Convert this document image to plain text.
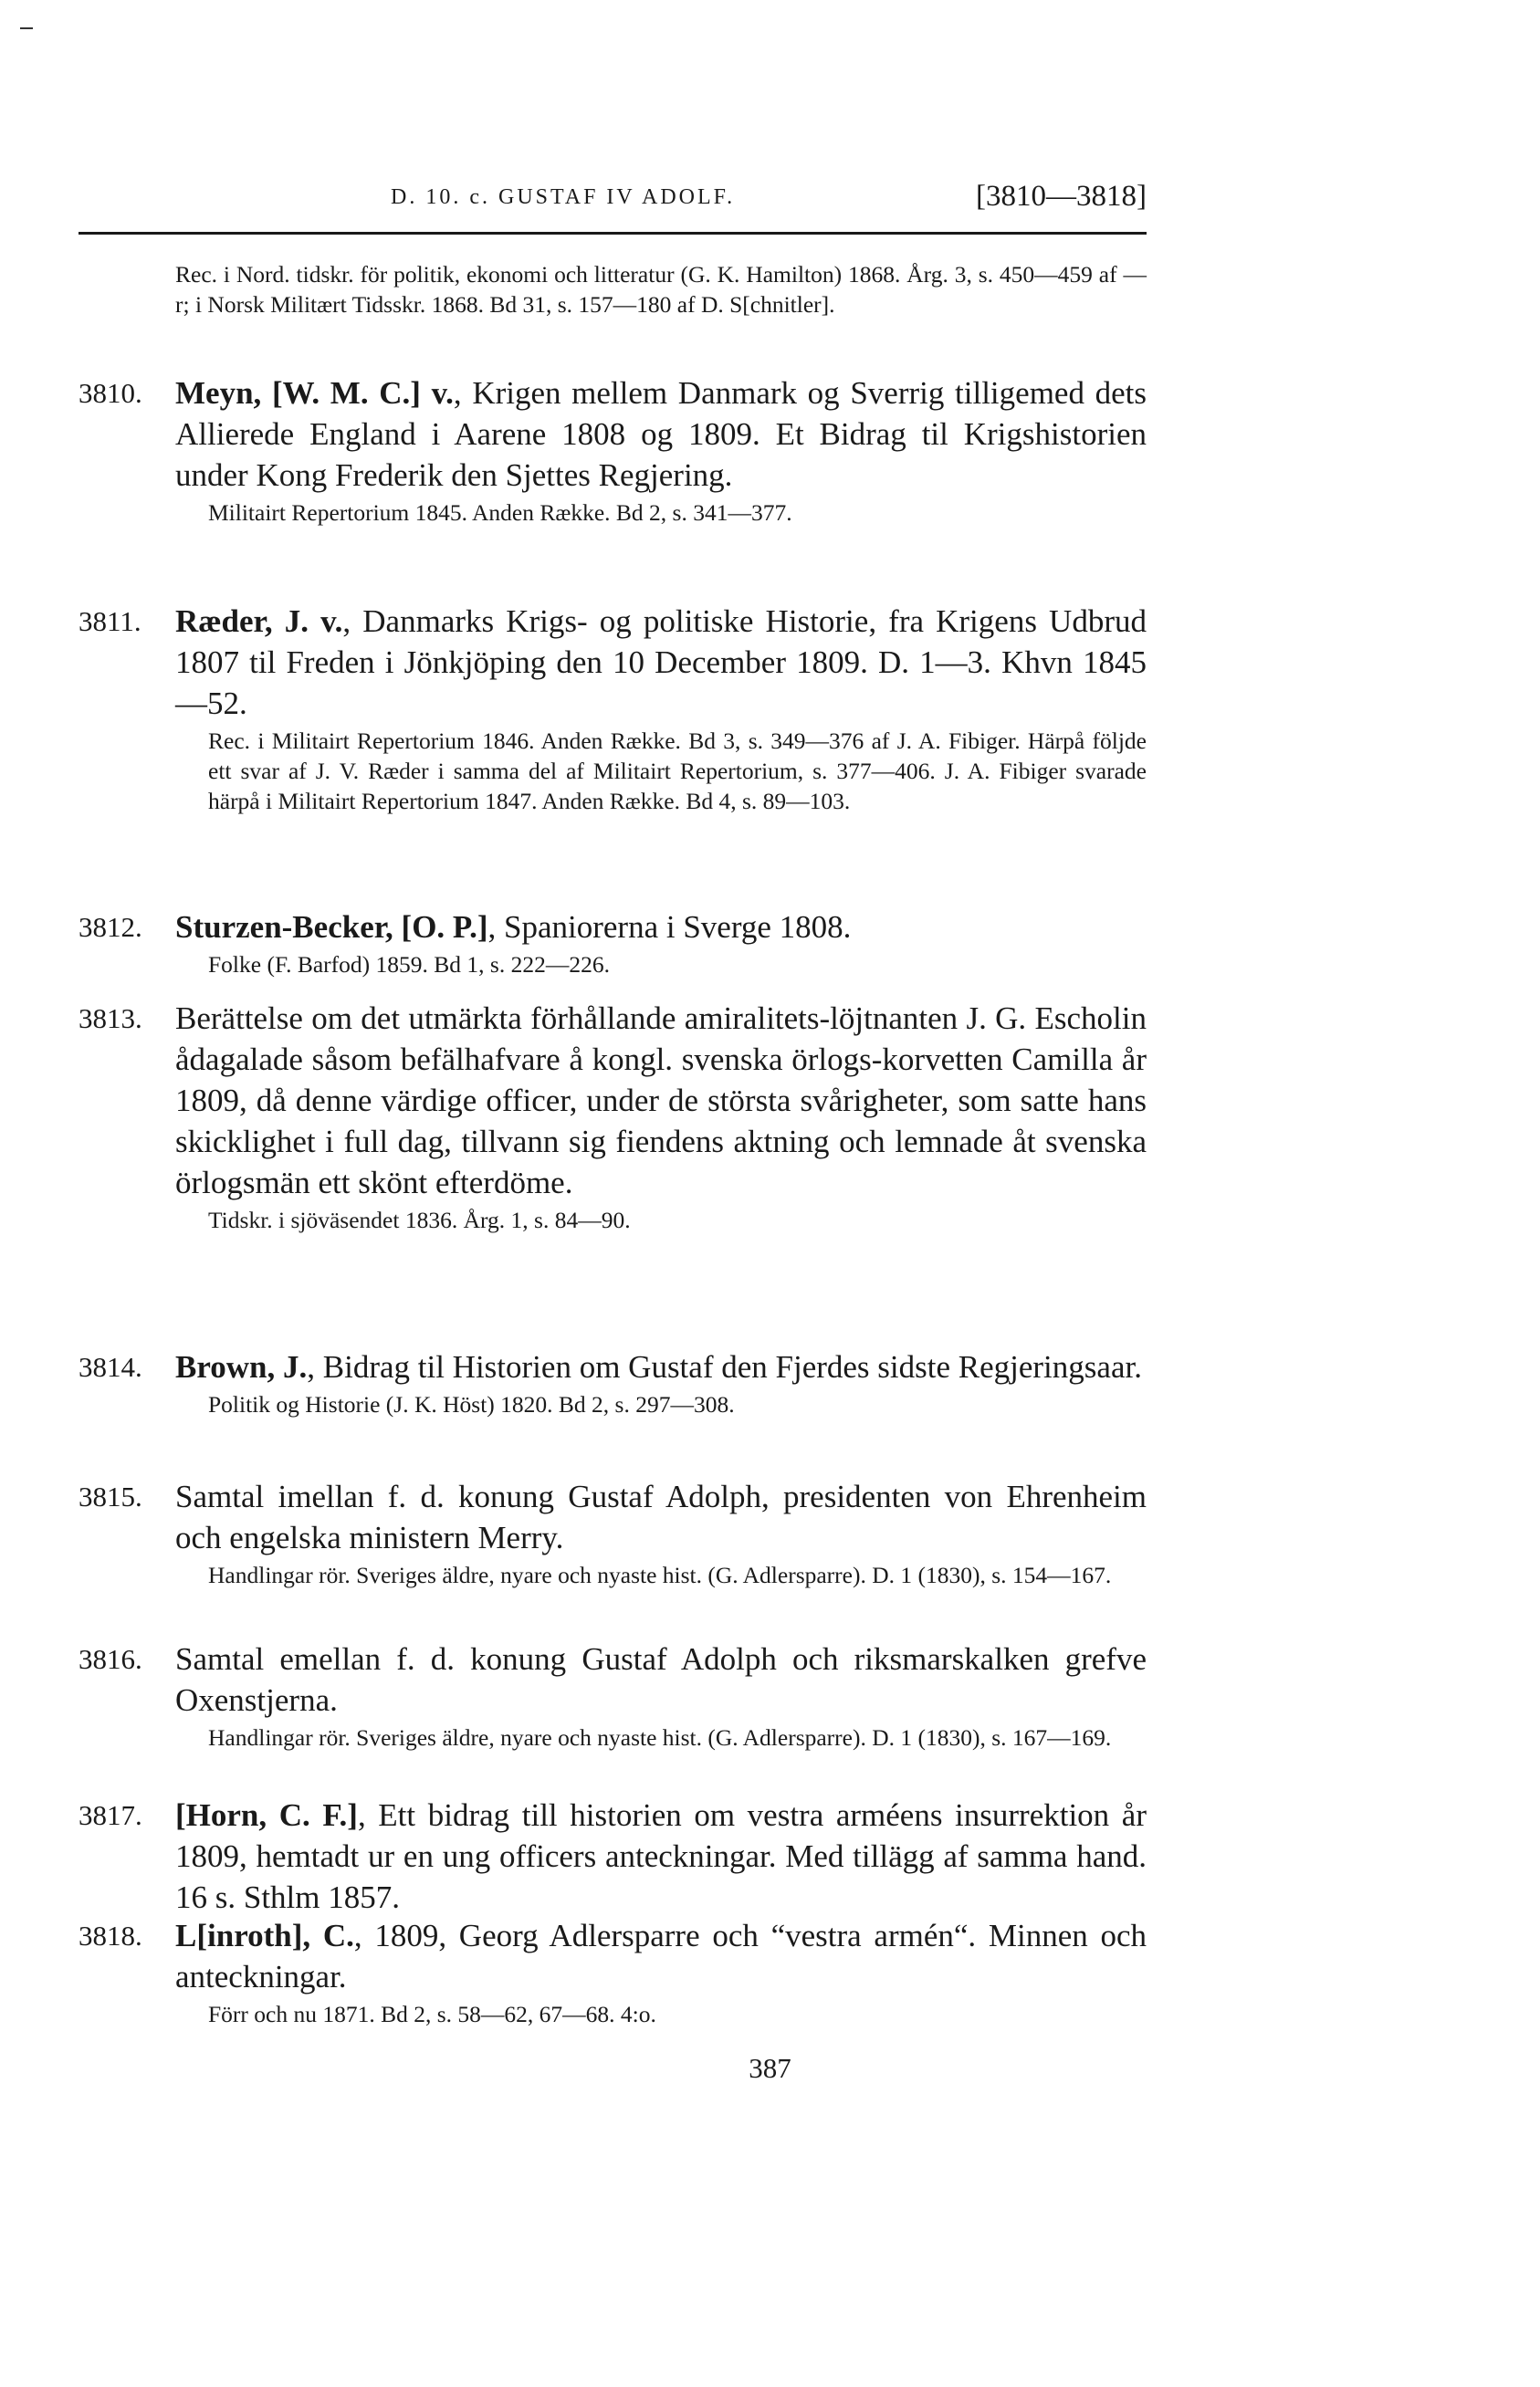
D. 10. c. GUSTAF IV ADOLF.	[3810—3818]
Rec. i Nord. tidskr. för politik, ekonomi och litteratur (G. K. Hamilton) 1868. Årg. 3, s. 450—459 af —r; i Norsk Militært Tidsskr. 1868. Bd 31, s. 157—180 af D. S[chnitler].
3810. Meyn, [W. M. C.] v., Krigen mellem Danmark og Sverrig tilligemed dets Allierede England i Aarene 1808 og 1809. Et Bidrag til Krigshistorien under Kong Frederik den Sjettes Regjering.

Militairt Repertorium 1845. Anden Række. Bd 2, s. 341—377.

3811. Ræder, J. v., Danmarks Krigs- og politiske Historie, fra Krigens Udbrud 1807 til Freden i Jönkjöping den 10 December 1809. D. 1—3. Khvn 1845—52.

Rec. i Militairt Repertorium 1846. Anden Række. Bd 3, s. 349—376 af J. A. Fibiger. Härpå följde ett svar af J. V. Ræder i samma del af Militairt Repertorium, s. 377—406. J. A. Fibiger svarade härpå i Militairt Repertorium 1847. Anden Række. Bd 4, s. 89—103.

3812. Sturzen-Becker, [O. P.], Spaniorerna i Sverge 1808.

Folke (F. Barfod) 1859. Bd 1, s. 222—226.

3813. Berättelse om det utmärkta förhållande amiralitets-löjtnanten J. G. Escholin ådagalade såsom befälhafvare å kongl. svenska örlogs-korvetten Camilla år 1809, då denne värdige officer, under de största svårigheter, som satte hans skicklighet i full dag, tillvann sig fiendens aktning och lemnade åt svenska örlogsmän ett skönt efterdöme.

Tidskr. i sjöväsendet 1836. Årg. 1, s. 84—90.

3814. Brown, J., Bidrag til Historien om Gustaf den Fjerdes sidste Regjeringsaar.

Politik og Historie (J. K. Höst) 1820. Bd 2, s. 297—308.

3815. Samtal imellan f. d. konung Gustaf Adolph, presidenten von Ehrenheim och engelska ministern Merry.

Handlingar rör. Sveriges äldre, nyare och nyaste hist. (G. Adlersparre). D. 1 (1830), s. 154—167.

3816. Samtal emellan f. d. konung Gustaf Adolph och riksmarskalken grefve Oxenstjerna.

Handlingar rör. Sveriges äldre, nyare och nyaste hist. (G. Adlersparre). D. 1 (1830), s. 167—169.

3817. [Horn, C. F.], Ett bidrag till historien om vestra arméens insurrektion år 1809, hemtadt ur en ung officers anteckningar. Med tillägg af samma hand. 16 s. Sthlm 1857.

3818. L[inroth], C., 1809, Georg Adlersparre och “vestra armén“. Minnen och anteckningar.

Förr och nu 1871. Bd 2, s. 58—62, 67—68. 4:o.

387
